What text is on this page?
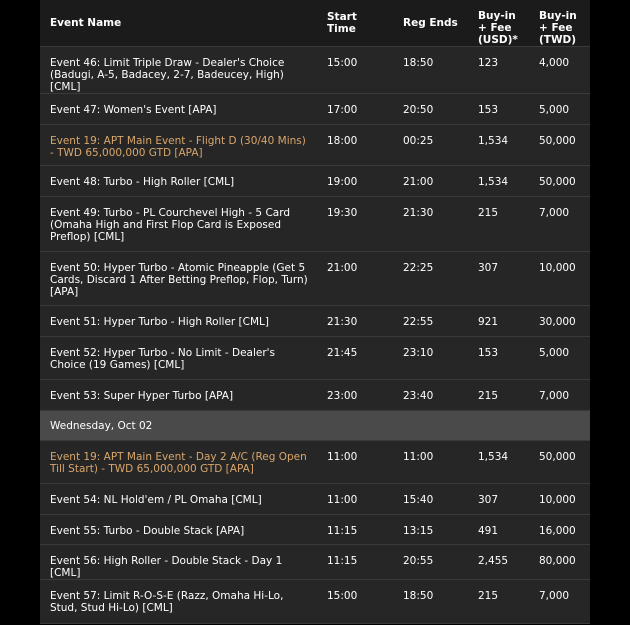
Event Name	Start Time	Reg Ends	Buy-in + Fee (USD)*	Buy-in + Fee (TWD)
Event 46: Limit Triple Draw - Dealer's Choice (Badugi, A-5, Badacey, 2-7, Badeucey, High) [CML]	15:00	18:50	123	4,000
Event 47: Women's Event [APA]	17:00	20:50	153	5,000
Event 19: APT Main Event - Flight D (30/40 Mins) - TWD 65,000,000 GTD [APA]	18:00	00:25	1,534	50,000
Event 48: Turbo - High Roller [CML]	19:00	21:00	1,534	50,000
Event 49: Turbo - PL Courchevel High - 5 Card (Omaha High and First Flop Card is Exposed Preflop) [CML]	19:30	21:30	215	7,000
Event 50: Hyper Turbo - Atomic Pineapple (Get 5 Cards, Discard 1 After Betting Preflop, Flop, Turn) [APA]	21:00	22:25	307	10,000
Event 51: Hyper Turbo - High Roller [CML]	21:30	22:55	921	30,000
Event 52: Hyper Turbo - No Limit - Dealer's Choice (19 Games) [CML]	21:45	23:10	153	5,000
Event 53: Super Hyper Turbo [APA]	23:00	23:40	215	7,000
Wednesday, Oct 02				
Event 19: APT Main Event - Day 2 A/C (Reg Open Till Start) - TWD 65,000,000 GTD [APA]	11:00	11:00	1,534	50,000
Event 54: NL Hold'em / PL Omaha [CML]	11:00	15:40	307	10,000
Event 55: Turbo - Double Stack [APA]	11:15	13:15	491	16,000
Event 56: High Roller - Double Stack - Day 1 [CML]	11:15	20:55	2,455	80,000
Event 57: Limit R-O-S-E (Razz, Omaha Hi-Lo, Stud, Stud Hi-Lo) [CML]	15:00	18:50	215	7,000
